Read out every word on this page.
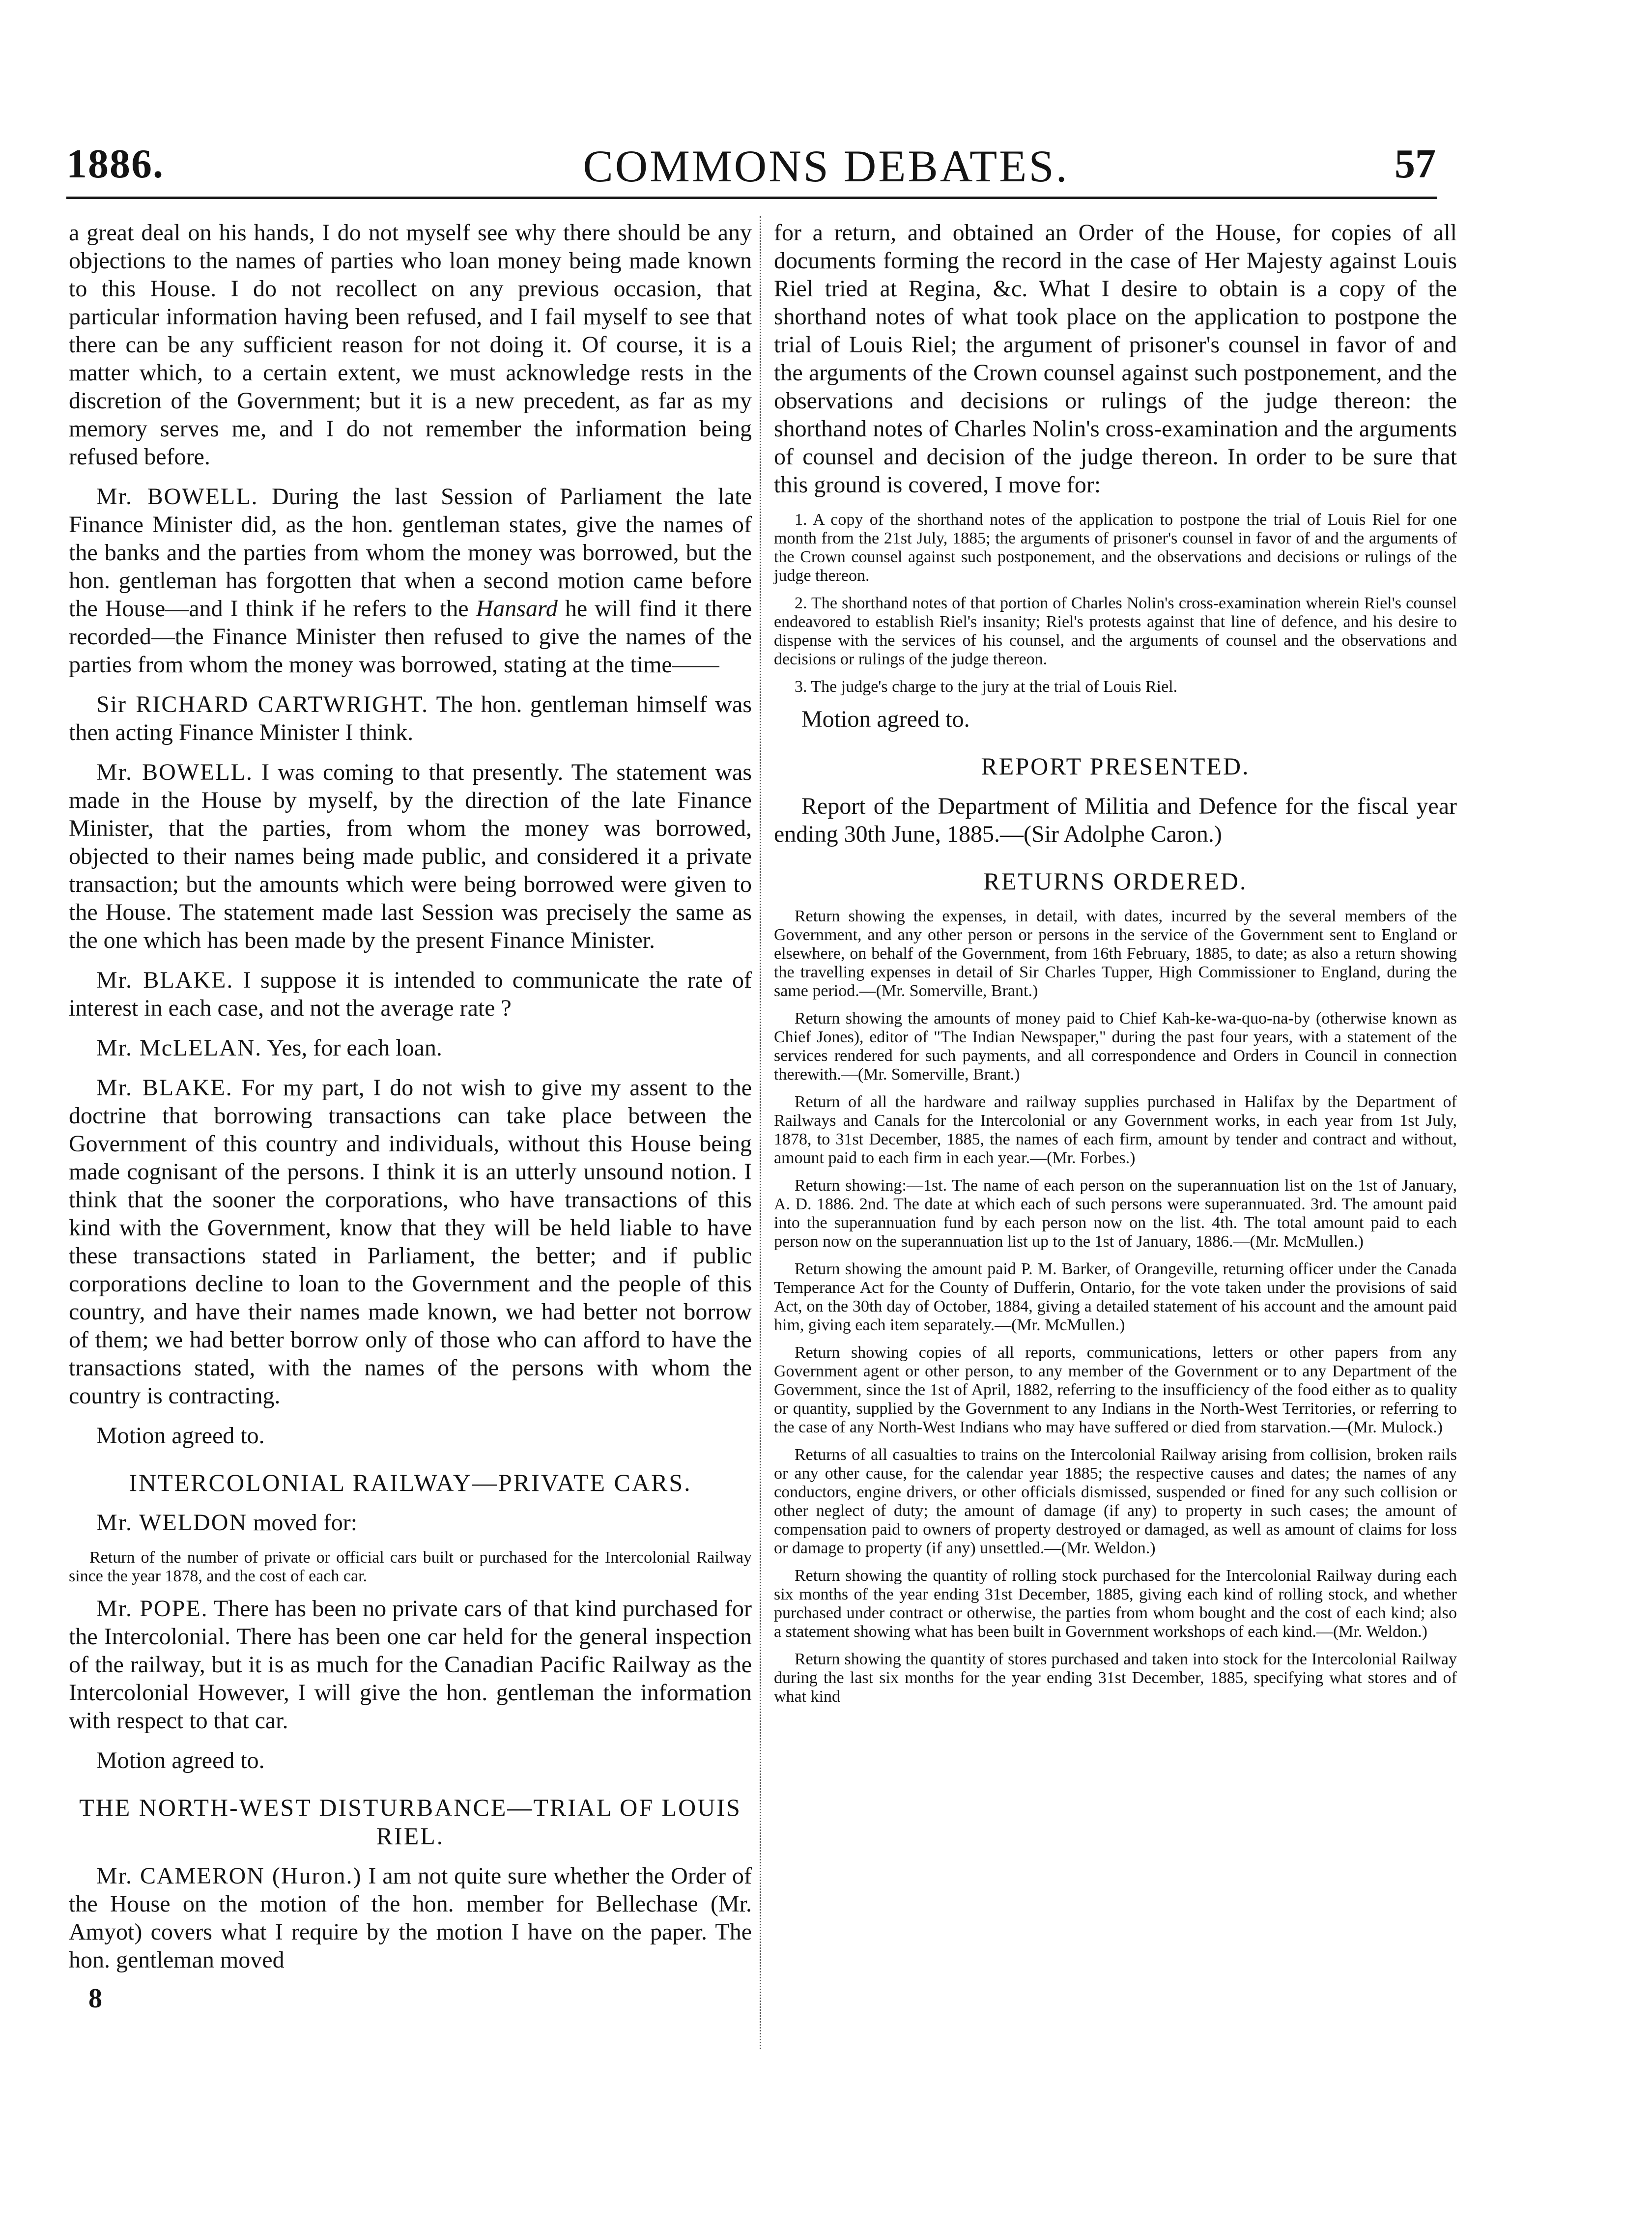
1886.	COMMONS DEBATES.	57

a great deal on his hands, I do not myself see why there should be any objections to the names of parties who loan money being made known to this House. I do not recollect on any previous occasion, that particular information having been refused, and I fail myself to see that there can be any sufficient reason for not doing it. Of course, it is a matter which, to a certain extent, we must acknowledge rests in the discretion of the Government; but it is a new precedent, as far as my memory serves me, and I do not remember the information being refused before.

Mr. BOWELL. During the last Session of Parliament the late Finance Minister did, as the hon. gentleman states, give the names of the banks and the parties from whom the money was borrowed, but the hon. gentleman has forgotten that when a second motion came before the House—and I think if he refers to the Hansard he will find it there recorded—the Finance Minister then refused to give the names of the parties from whom the money was borrowed, stating at the time——

Sir RICHARD CARTWRIGHT. The hon. gentleman himself was then acting Finance Minister I think.

Mr. BOWELL. I was coming to that presently. The statement was made in the House by myself, by the direction of the late Finance Minister, that the parties, from whom the money was borrowed, objected to their names being made public, and considered it a private transaction; but the amounts which were being borrowed were given to the House. The statement made last Session was precisely the same as the one which has been made by the present Finance Minister.

Mr. BLAKE. I suppose it is intended to communicate the rate of interest in each case, and not the average rate ?

Mr. McLELAN. Yes, for each loan.

Mr. BLAKE. For my part, I do not wish to give my assent to the doctrine that borrowing transactions can take place between the Government of this country and individuals, without this House being made cognisant of the persons. I think it is an utterly unsound notion. I think that the sooner the corporations, who have transactions of this kind with the Government, know that they will be held liable to have these transactions stated in Parliament, the better; and if public corporations decline to loan to the Government and the people of this country, and have their names made known, we had better not borrow of them; we had better borrow only of those who can afford to have the transactions stated, with the names of the persons with whom the country is contracting.

Motion agreed to.

INTERCOLONIAL RAILWAY—PRIVATE CARS.

Mr. WELDON moved for:

Return of the number of private or official cars built or purchased for the Intercolonial Railway since the year 1878, and the cost of each car.

Mr. POPE. There has been no private cars of that kind purchased for the Intercolonial. There has been one car held for the general inspection of the railway, but it is as much for the Canadian Pacific Railway as the Intercolonial However, I will give the hon. gentleman the information with respect to that car.

Motion agreed to.

THE NORTH-WEST DISTURBANCE—TRIAL OF LOUIS RIEL.

Mr. CAMERON (Huron.) I am not quite sure whether the Order of the House on the motion of the hon. member for Bellechase (Mr. Amyot) covers what I require by the motion I have on the paper. The hon. gentleman moved

8

for a return, and obtained an Order of the House, for copies of all documents forming the record in the case of Her Majesty against Louis Riel tried at Regina, &c. What I desire to obtain is a copy of the shorthand notes of what took place on the application to postpone the trial of Louis Riel; the argument of prisoner's counsel in favor of and the arguments of the Crown counsel against such postponement, and the observations and decisions or rulings of the judge thereon: the shorthand notes of Charles Nolin's cross-examination and the arguments of counsel and decision of the judge thereon. In order to be sure that this ground is covered, I move for:

1. A copy of the shorthand notes of the application to postpone the trial of Louis Riel for one month from the 21st July, 1885; the arguments of prisoner's counsel in favor of and the arguments of the Crown counsel against such postponement, and the observations and decisions or rulings of the judge thereon.

2. The shorthand notes of that portion of Charles Nolin's cross-examination wherein Riel's counsel endeavored to establish Riel's insanity; Riel's protests against that line of defence, and his desire to dispense with the services of his counsel, and the arguments of counsel and the observations and decisions or rulings of the judge thereon.

3. The judge's charge to the jury at the trial of Louis Riel.

Motion agreed to.

REPORT PRESENTED.

Report of the Department of Militia and Defence for the fiscal year ending 30th June, 1885.—(Sir Adolphe Caron.)

RETURNS ORDERED.

Return showing the expenses, in detail, with dates, incurred by the several members of the Government, and any other person or persons in the service of the Government sent to England or elsewhere, on behalf of the Government, from 16th February, 1885, to date; as also a return showing the travelling expenses in detail of Sir Charles Tupper, High Commissioner to England, during the same period.—(Mr. Somerville, Brant.)

Return showing the amounts of money paid to Chief Kah-ke-wa-quo-na-by (otherwise known as Chief Jones), editor of "The Indian Newspaper," during the past four years, with a statement of the services rendered for such payments, and all correspondence and Orders in Council in connection therewith.—(Mr. Somerville, Brant.)

Return of all the hardware and railway supplies purchased in Halifax by the Department of Railways and Canals for the Intercolonial or any Government works, in each year from 1st July, 1878, to 31st December, 1885, the names of each firm, amount by tender and contract and without, amount paid to each firm in each year.—(Mr. Forbes.)

Return showing:—1st. The name of each person on the superannuation list on the 1st of January, A. D. 1886. 2nd. The date at which each of such persons were superannuated. 3rd. The amount paid into the superannuation fund by each person now on the list. 4th. The total amount paid to each person now on the superannuation list up to the 1st of January, 1886.—(Mr. McMullen.)

Return showing the amount paid P. M. Barker, of Orangeville, returning officer under the Canada Temperance Act for the County of Dufferin, Ontario, for the vote taken under the provisions of said Act, on the 30th day of October, 1884, giving a detailed statement of his account and the amount paid him, giving each item separately.—(Mr. McMullen.)

Return showing copies of all reports, communications, letters or other papers from any Government agent or other person, to any member of the Government or to any Department of the Government, since the 1st of April, 1882, referring to the insufficiency of the food either as to quality or quantity, supplied by the Government to any Indians in the North-West Territories, or referring to the case of any North-West Indians who may have suffered or died from starvation.—(Mr. Mulock.)

Returns of all casualties to trains on the Intercolonial Railway arising from collision, broken rails or any other cause, for the calendar year 1885; the respective causes and dates; the names of any conductors, engine drivers, or other officials dismissed, suspended or fined for any such collision or other neglect of duty; the amount of damage (if any) to property in such cases; the amount of compensation paid to owners of property destroyed or damaged, as well as amount of claims for loss or damage to property (if any) unsettled.—(Mr. Weldon.)

Return showing the quantity of rolling stock purchased for the Intercolonial Railway during each six months of the year ending 31st December, 1885, giving each kind of rolling stock, and whether purchased under contract or otherwise, the parties from whom bought and the cost of each kind; also a statement showing what has been built in Government workshops of each kind.—(Mr. Weldon.)

Return showing the quantity of stores purchased and taken into stock for the Intercolonial Railway during the last six months for the year ending 31st December, 1885, specifying what stores and of what kind
